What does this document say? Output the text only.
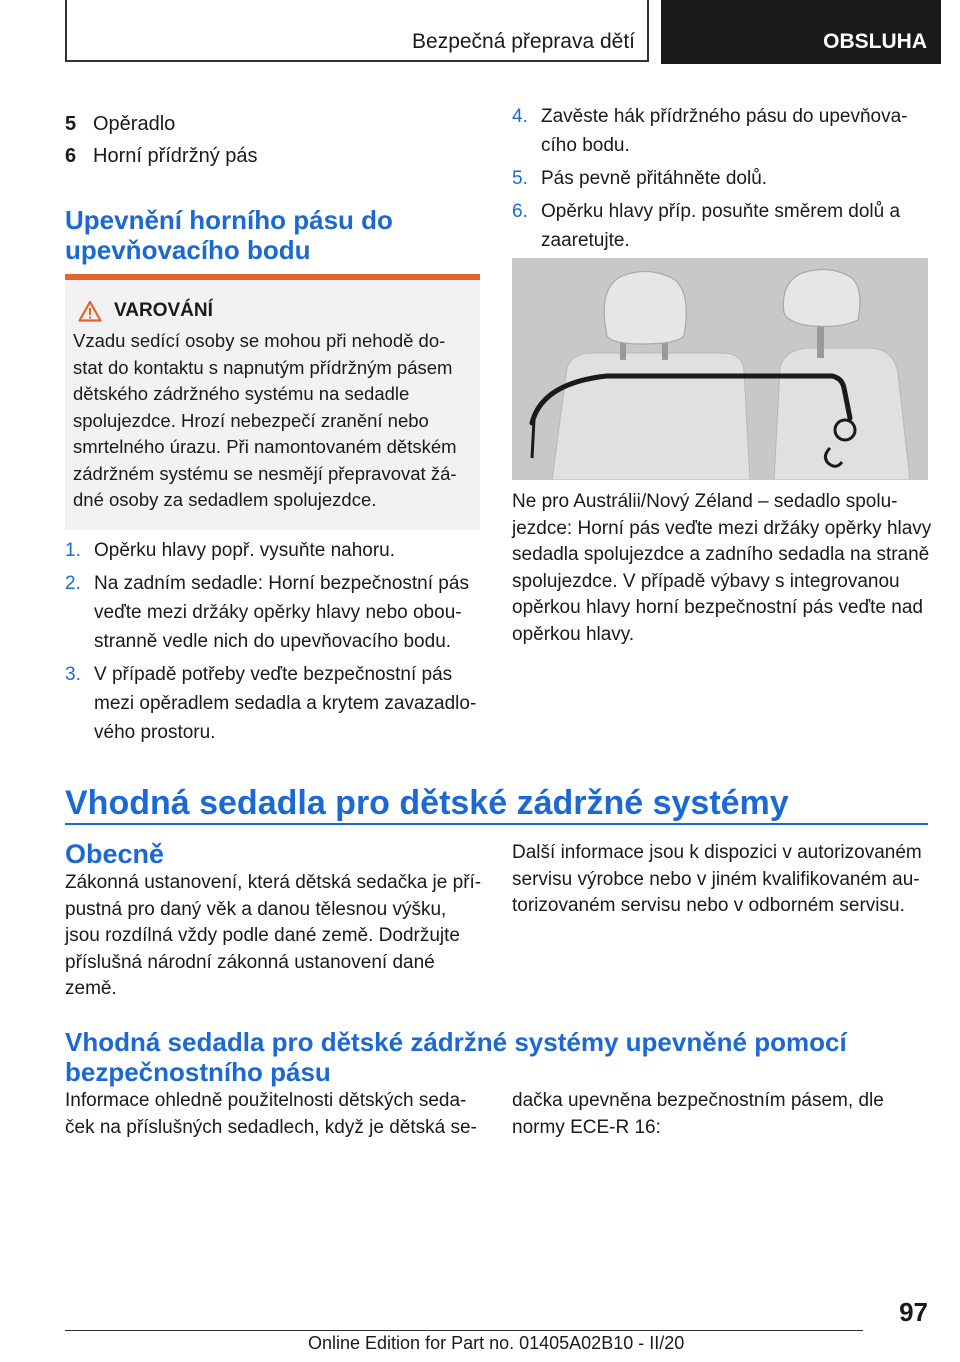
Bezpečná přeprava dětí	OBSLUHA
5 Opěradlo
6 Horní přídržný pás
Upevnění horního pásu do
upevňovacího bodu
VAROVÁNÍ
Vzadu sedící osoby se mohou při nehodě do-
stat do kontaktu s napnutým přídržným pásem
dětského zádržného systému na sedadle
spolujezdce. Hrozí nebezpečí zranění nebo
smrtelného úrazu. Při namontovaném dětském
zádržném systému se nesmějí přepravovat žá-
dné osoby za sedadlem spolujezdce.
1. Opěrku hlavy popř. vysuňte nahoru.
2. Na zadním sedadle: Horní bezpečnostní pás
veďte mezi držáky opěrky hlavy nebo obou-
stranně vedle nich do upevňovacího bodu.
3. V případě potřeby veďte bezpečnostní pás
mezi opěradlem sedadla a krytem zavazadlo-
vého prostoru.
4. Zavěste hák přídržného pásu do upevňova-
cího bodu.
5. Pás pevně přitáhněte dolů.
6. Opěrku hlavy příp. posuňte směrem dolů a
zaaretujte.
Ne pro Austrálii/Nový Zéland – sedadlo spolu-
jezdce: Horní pás veďte mezi držáky opěrky hlavy
sedadla spolujezdce a zadního sedadla na straně
spolujezdce. V případě výbavy s integrovanou
opěrkou hlavy horní bezpečnostní pás veďte nad
opěrkou hlavy.
Vhodná sedadla pro dětské zádržné systémy
Obecně
Zákonná ustanovení, která dětská sedačka je pří-
pustná pro daný věk a danou tělesnou výšku,
jsou rozdílná vždy podle dané země. Dodržujte
příslušná národní zákonná ustanovení dané
země.
Další informace jsou k dispozici v autorizovaném
servisu výrobce nebo v jiném kvalifikovaném au-
torizovaném servisu nebo v odborném servisu.
Vhodná sedadla pro dětské zádržné systémy upevněné pomocí
bezpečnostního pásu
Informace ohledně použitelnosti dětských seda-
ček na příslušných sedadlech, když je dětská se-
dačka upevněna bezpečnostním pásem, dle
normy ECE-R 16:
97
Online Edition for Part no. 01405A02B10 - II/20
